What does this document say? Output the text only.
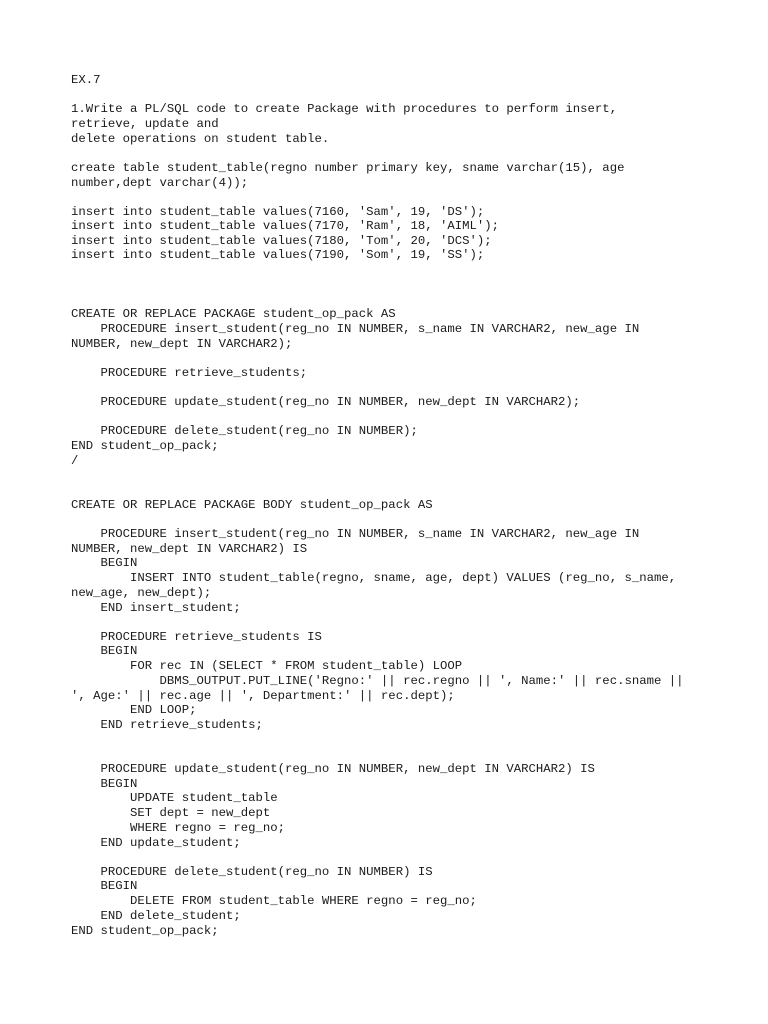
EX.7

1.Write a PL/SQL code to create Package with procedures to perform insert,

retrieve, update and

delete operations on student table.

create table student_table(regno number primary key, sname varchar(15), age

number,dept varchar(4));

insert into student_table values(7160, 'Sam', 19, 'DS');

insert into student_table values(7170, 'Ram', 18, 'AIML');

insert into student_table values(7180, 'Tom', 20, 'DCS');

insert into student_table values(7190, 'Som', 19, 'SS');

CREATE OR REPLACE PACKAGE student_op_pack AS

PROCEDURE insert_student(reg_no IN NUMBER, s_name IN VARCHAR2, new_age IN

NUMBER, new_dept IN VARCHAR2);

PROCEDURE retrieve_students;

PROCEDURE update_student(reg_no IN NUMBER, new_dept IN VARCHAR2);

PROCEDURE delete_student(reg_no IN NUMBER);

END student_op_pack;

/

CREATE OR REPLACE PACKAGE BODY student_op_pack AS

PROCEDURE insert_student(reg_no IN NUMBER, s_name IN VARCHAR2, new_age IN

NUMBER, new_dept IN VARCHAR2) IS

BEGIN

INSERT INTO student_table(regno, sname, age, dept) VALUES (reg_no, s_name,

new_age, new_dept);

END insert_student;

PROCEDURE retrieve_students IS

BEGIN

FOR rec IN (SELECT * FROM student_table) LOOP

DBMS_OUTPUT.PUT_LINE('Regno:' || rec.regno || ', Name:' || rec.sname ||

', Age:' || rec.age || ', Department:' || rec.dept);

END LOOP;

END retrieve_students;

PROCEDURE update_student(reg_no IN NUMBER, new_dept IN VARCHAR2) IS

BEGIN

UPDATE student_table

SET dept = new_dept

WHERE regno = reg_no;

END update_student;

PROCEDURE delete_student(reg_no IN NUMBER) IS

BEGIN

DELETE FROM student_table WHERE regno = reg_no;

END delete_student;

END student_op_pack;
